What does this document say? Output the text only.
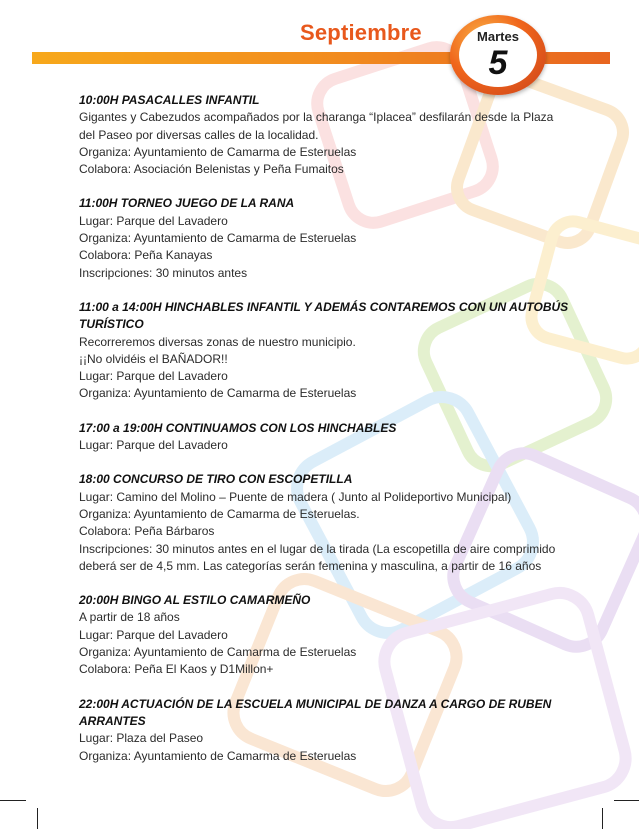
Septiembre	Martes
5
10:00H PASACALLES INFANTIL
Gigantes y Cabezudos acompañados por la charanga “Iplacea” desfilarán desde la Plaza
del Paseo por diversas calles de la localidad.
Organiza: Ayuntamiento de Camarma de Esteruelas
Colabora: Asociación Belenistas y Peña Fumaitos
11:00H TORNEO JUEGO DE LA RANA
Lugar: Parque del Lavadero
Organiza: Ayuntamiento de Camarma de Esteruelas
Colabora: Peña Kanayas
Inscripciones: 30 minutos antes
11:00 a 14:00H HINCHABLES INFANTIL Y ADEMÁS CONTAREMOS CON UN AUTOBÚS TURÍSTICO
Recorreremos diversas zonas de nuestro municipio.
¡¡No olvidéis el BAÑADOR!!
Lugar: Parque del Lavadero
Organiza: Ayuntamiento de Camarma de Esteruelas
17:00 a 19:00H CONTINUAMOS CON LOS HINCHABLES
Lugar: Parque del Lavadero
18:00 CONCURSO DE TIRO CON ESCOPETILLA
Lugar: Camino del Molino – Puente de madera ( Junto al Polideportivo Municipal)
Organiza: Ayuntamiento de Camarma de Esteruelas.
Colabora: Peña Bárbaros
Inscripciones: 30 minutos antes en el lugar de la tirada (La escopetilla de aire comprimido
deberá ser de 4,5 mm. Las categorías serán femenina y masculina, a partir de 16 años
20:00H BINGO AL ESTILO CAMARMEÑO
A partir de 18 años
Lugar: Parque del Lavadero
Organiza: Ayuntamiento de Camarma de Esteruelas
Colabora: Peña El Kaos y D1Millon+
22:00H ACTUACIÓN DE LA ESCUELA MUNICIPAL DE DANZA A CARGO DE RUBEN ARRANTES
Lugar: Plaza del Paseo
Organiza: Ayuntamiento de Camarma de Esteruelas
